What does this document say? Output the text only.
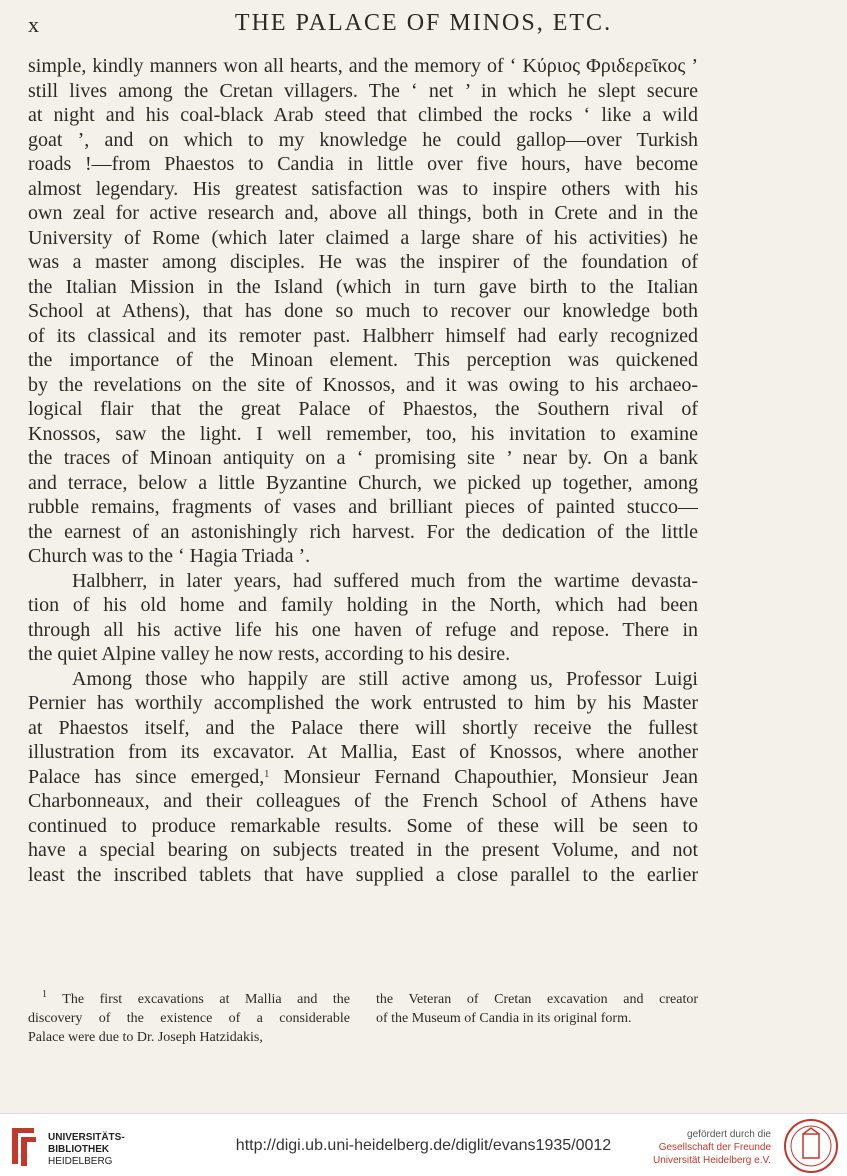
x	THE PALACE OF MINOS, ETC.
simple, kindly manners won all hearts, and the memory of ‘ Κύριος Φριδερεῖκος ’
still lives among the Cretan villagers. The ‘ net ’ in which he slept secure
at night and his coal-black Arab steed that climbed the rocks ‘ like a wild
goat ’, and on which to my knowledge he could gallop—over Turkish
roads !—from Phaestos to Candia in little over five hours, have become
almost legendary. His greatest satisfaction was to inspire others with his
own zeal for active research and, above all things, both in Crete and in the
University of Rome (which later claimed a large share of his activities) he
was a master among disciples. He was the inspirer of the foundation of
the Italian Mission in the Island (which in turn gave birth to the Italian
School at Athens), that has done so much to recover our knowledge both
of its classical and its remoter past. Halbherr himself had early recognized
the importance of the Minoan element. This perception was quickened
by the revelations on the site of Knossos, and it was owing to his archaeo-
logical flair that the great Palace of Phaestos, the Southern rival of
Knossos, saw the light. I well remember, too, his invitation to examine
the traces of Minoan antiquity on a ‘ promising site ’ near by. On a bank
and terrace, below a little Byzantine Church, we picked up together, among
rubble remains, fragments of vases and brilliant pieces of painted stucco—
the earnest of an astonishingly rich harvest. For the dedication of the little
Church was to the ‘ Hagia Triada ’.
Halbherr, in later years, had suffered much from the wartime devasta-
tion of his old home and family holding in the North, which had been
through all his active life his one haven of refuge and repose. There in
the quiet Alpine valley he now rests, according to his desire.
Among those who happily are still active among us, Professor Luigi
Pernier has worthily accomplished the work entrusted to him by his Master
at Phaestos itself, and the Palace there will shortly receive the fullest
illustration from its excavator. At Mallia, East of Knossos, where another
Palace has since emerged,$^1$ Monsieur Fernand Chapouthier, Monsieur Jean
Charbonneaux, and their colleagues of the French School of Athens have
continued to produce remarkable results. Some of these will be seen to
have a special bearing on subjects treated in the present Volume, and not
least the inscribed tablets that have supplied a close parallel to the earlier
$^1$ The first excavations at Mallia and the
discovery of the existence of a considerable
Palace were due to Dr. Joseph Hatzidakis,
the Veteran of Cretan excavation and creator
of the Museum of Candia in its original form.
UNIVERSITÄTS-
BIBLIOTHEK
HEIDELBERG
http://digi.ub.uni-heidelberg.de/diglit/evans1935/0012
gefördert durch die
Gesellschaft der Freunde
Universität Heidelberg e.V.
